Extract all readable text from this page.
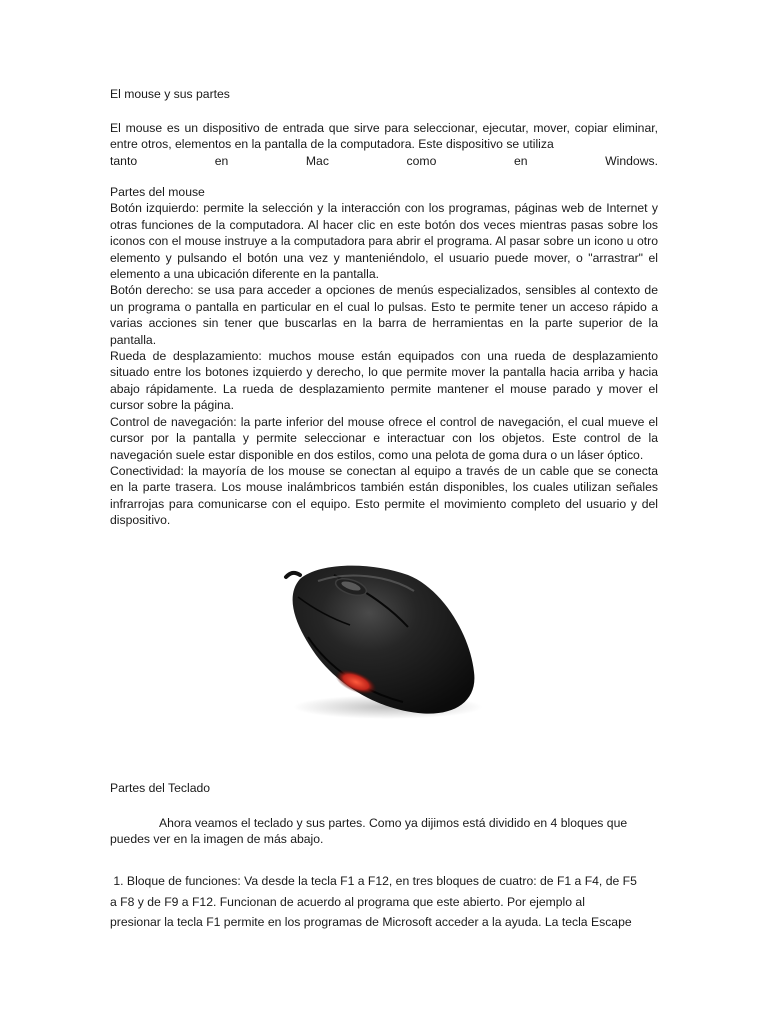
El mouse y sus partes

El mouse es un dispositivo de entrada que sirve para seleccionar, ejecutar, mover, copiar eliminar, entre otros, elementos en la pantalla de la computadora. Este dispositivo se utiliza

tanto en Mac como en Windows.

Partes del mouse

Botón izquierdo: permite la selección y la interacción con los programas, páginas web de Internet y otras funciones de la computadora. Al hacer clic en este botón dos veces mientras pasas sobre los iconos con el mouse instruye a la computadora para abrir el programa. Al pasar sobre un icono u otro elemento y pulsando el botón una vez y manteniéndolo, el usuario puede mover, o "arrastrar" el elemento a una ubicación diferente en la pantalla.

Botón derecho: se usa para acceder a opciones de menús especializados, sensibles al contexto de un programa o pantalla en particular en el cual lo pulsas. Esto te permite tener un acceso rápido a varias acciones sin tener que buscarlas en la barra de herramientas en la parte superior de la pantalla.

Rueda de desplazamiento: muchos mouse están equipados con una rueda de desplazamiento situado entre los botones izquierdo y derecho, lo que permite mover la pantalla hacia arriba y hacia abajo rápidamente. La rueda de desplazamiento permite mantener el mouse parado y mover el cursor sobre la página.

Control de navegación: la parte inferior del mouse ofrece el control de navegación, el cual mueve el cursor por la pantalla y permite seleccionar e interactuar con los objetos. Este control de la navegación suele estar disponible en dos estilos, como una pelota de goma dura o un láser óptico.

Conectividad: la mayoría de los mouse se conectan al equipo a través de un cable que se conecta en la parte trasera. Los mouse inalámbricos también están disponibles, los cuales utilizan señales infrarrojas para comunicarse con el equipo. Esto permite el movimiento completo del usuario y del dispositivo.

Partes del Teclado

Ahora veamos el teclado y sus partes. Como ya dijimos está dividido en 4 bloques que

puedes ver en la imagen de más abajo.

1. Bloque de funciones: Va desde la tecla F1 a F12, en tres bloques de cuatro: de F1 a F4, de F5

a F8 y de F9 a F12. Funcionan de acuerdo al programa que este abierto. Por ejemplo al

presionar la tecla F1 permite en los programas de Microsoft acceder a la ayuda. La tecla Escape
